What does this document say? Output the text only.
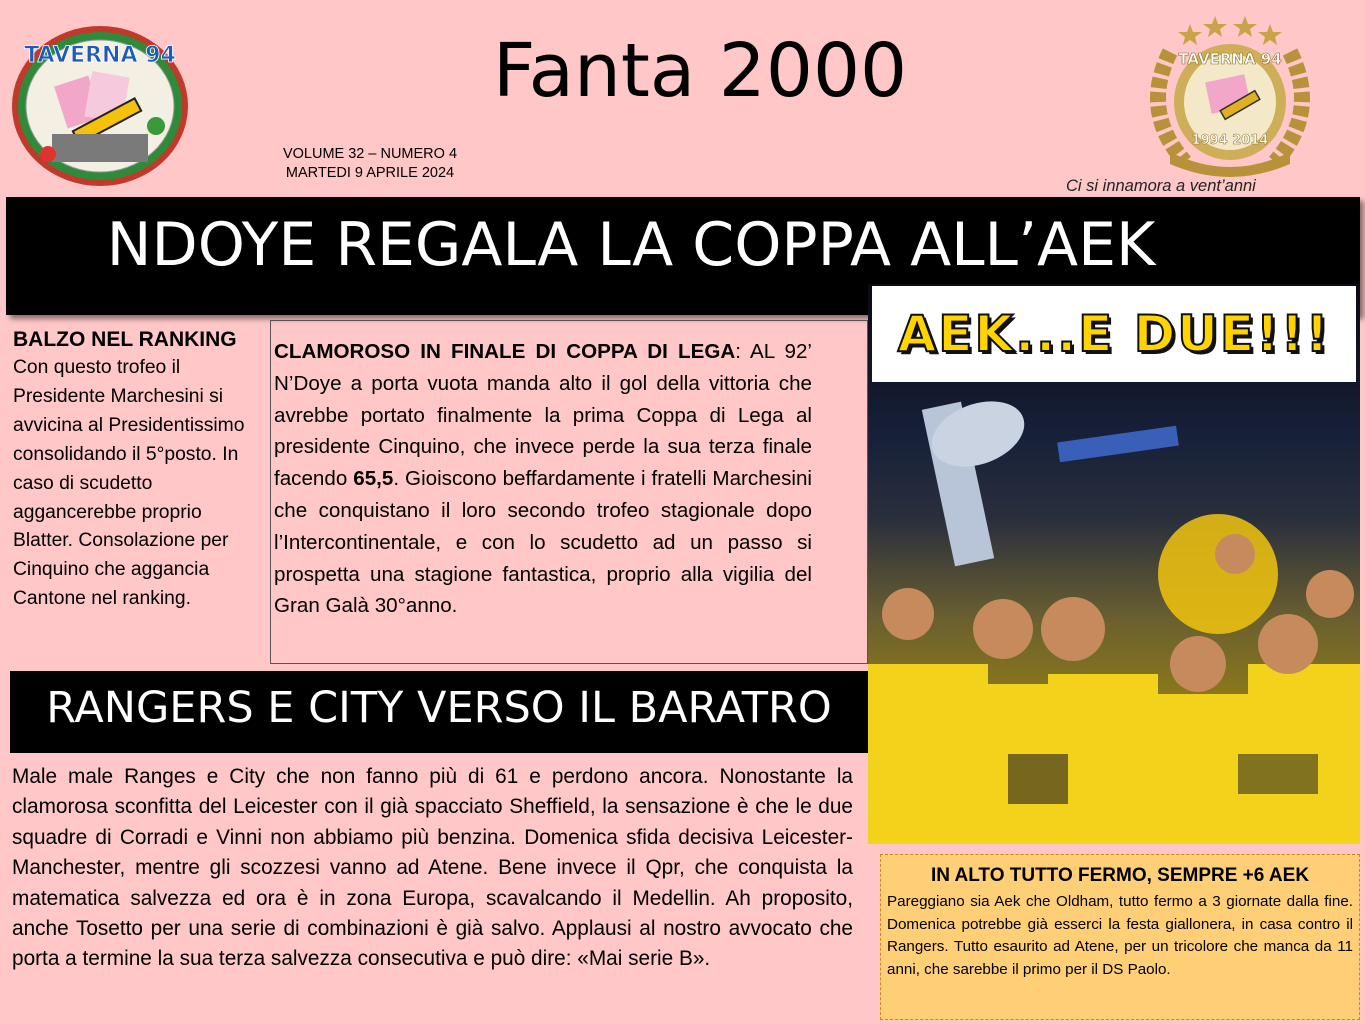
TAVERNA 94	Fanta 2000
VOLUME 32 – NUMERO 4
MARTEDI 9 APRILE 2024
TAVERNA 94
1994 2014
Ci si innamora a vent’anni
NDOYE REGALA LA COPPA ALL’AEK
BALZO NEL RANKING
Con questo trofeo il Presidente Marchesini si avvicina al Presidentissimo consolidando il 5°posto. In caso di scudetto aggancerebbe proprio Blatter. Consolazione per Cinquino che aggancia Cantone nel ranking.
CLAMOROSO IN FINALE DI COPPA DI LEGA: AL 92’ N’Doye a porta vuota manda alto il gol della vittoria che avrebbe portato finalmente la prima Coppa di Lega al presidente Cinquino, che invece perde la sua terza finale facendo 65,5. Gioiscono beffardamente i fratelli Marchesini che conquistano il loro secondo trofeo stagionale dopo l’Intercontinentale, e con lo scudetto ad un passo si prospetta una stagione fantastica, proprio alla vigilia del Gran Galà 30°anno.
AEK...E DUE!!!
RANGERS E CITY VERSO IL BARATRO
Male male Ranges e City che non fanno più di 61 e perdono ancora. Nonostante la clamorosa sconfitta del Leicester con il già spacciato Sheffield, la sensazione è che le due squadre di Corradi e Vinni non abbiamo più benzina. Domenica sfida decisiva Leicester-Manchester, mentre gli scozzesi vanno ad Atene. Bene invece il Qpr, che conquista la matematica salvezza ed ora è in zona Europa, scavalcando il Medellin. Ah proposito, anche Tosetto per una serie di combinazioni è già salvo. Applausi al nostro avvocato che porta a termine la sua terza salvezza consecutiva e può dire: «Mai serie B».
IN ALTO TUTTO FERMO, SEMPRE +6 AEK
Pareggiano sia Aek che Oldham, tutto fermo a 3 giornate dalla fine. Domenica potrebbe già esserci la festa giallonera, in casa contro il Rangers. Tutto esaurito ad Atene, per un tricolore che manca da 11 anni, che sarebbe il primo per il DS Paolo.
